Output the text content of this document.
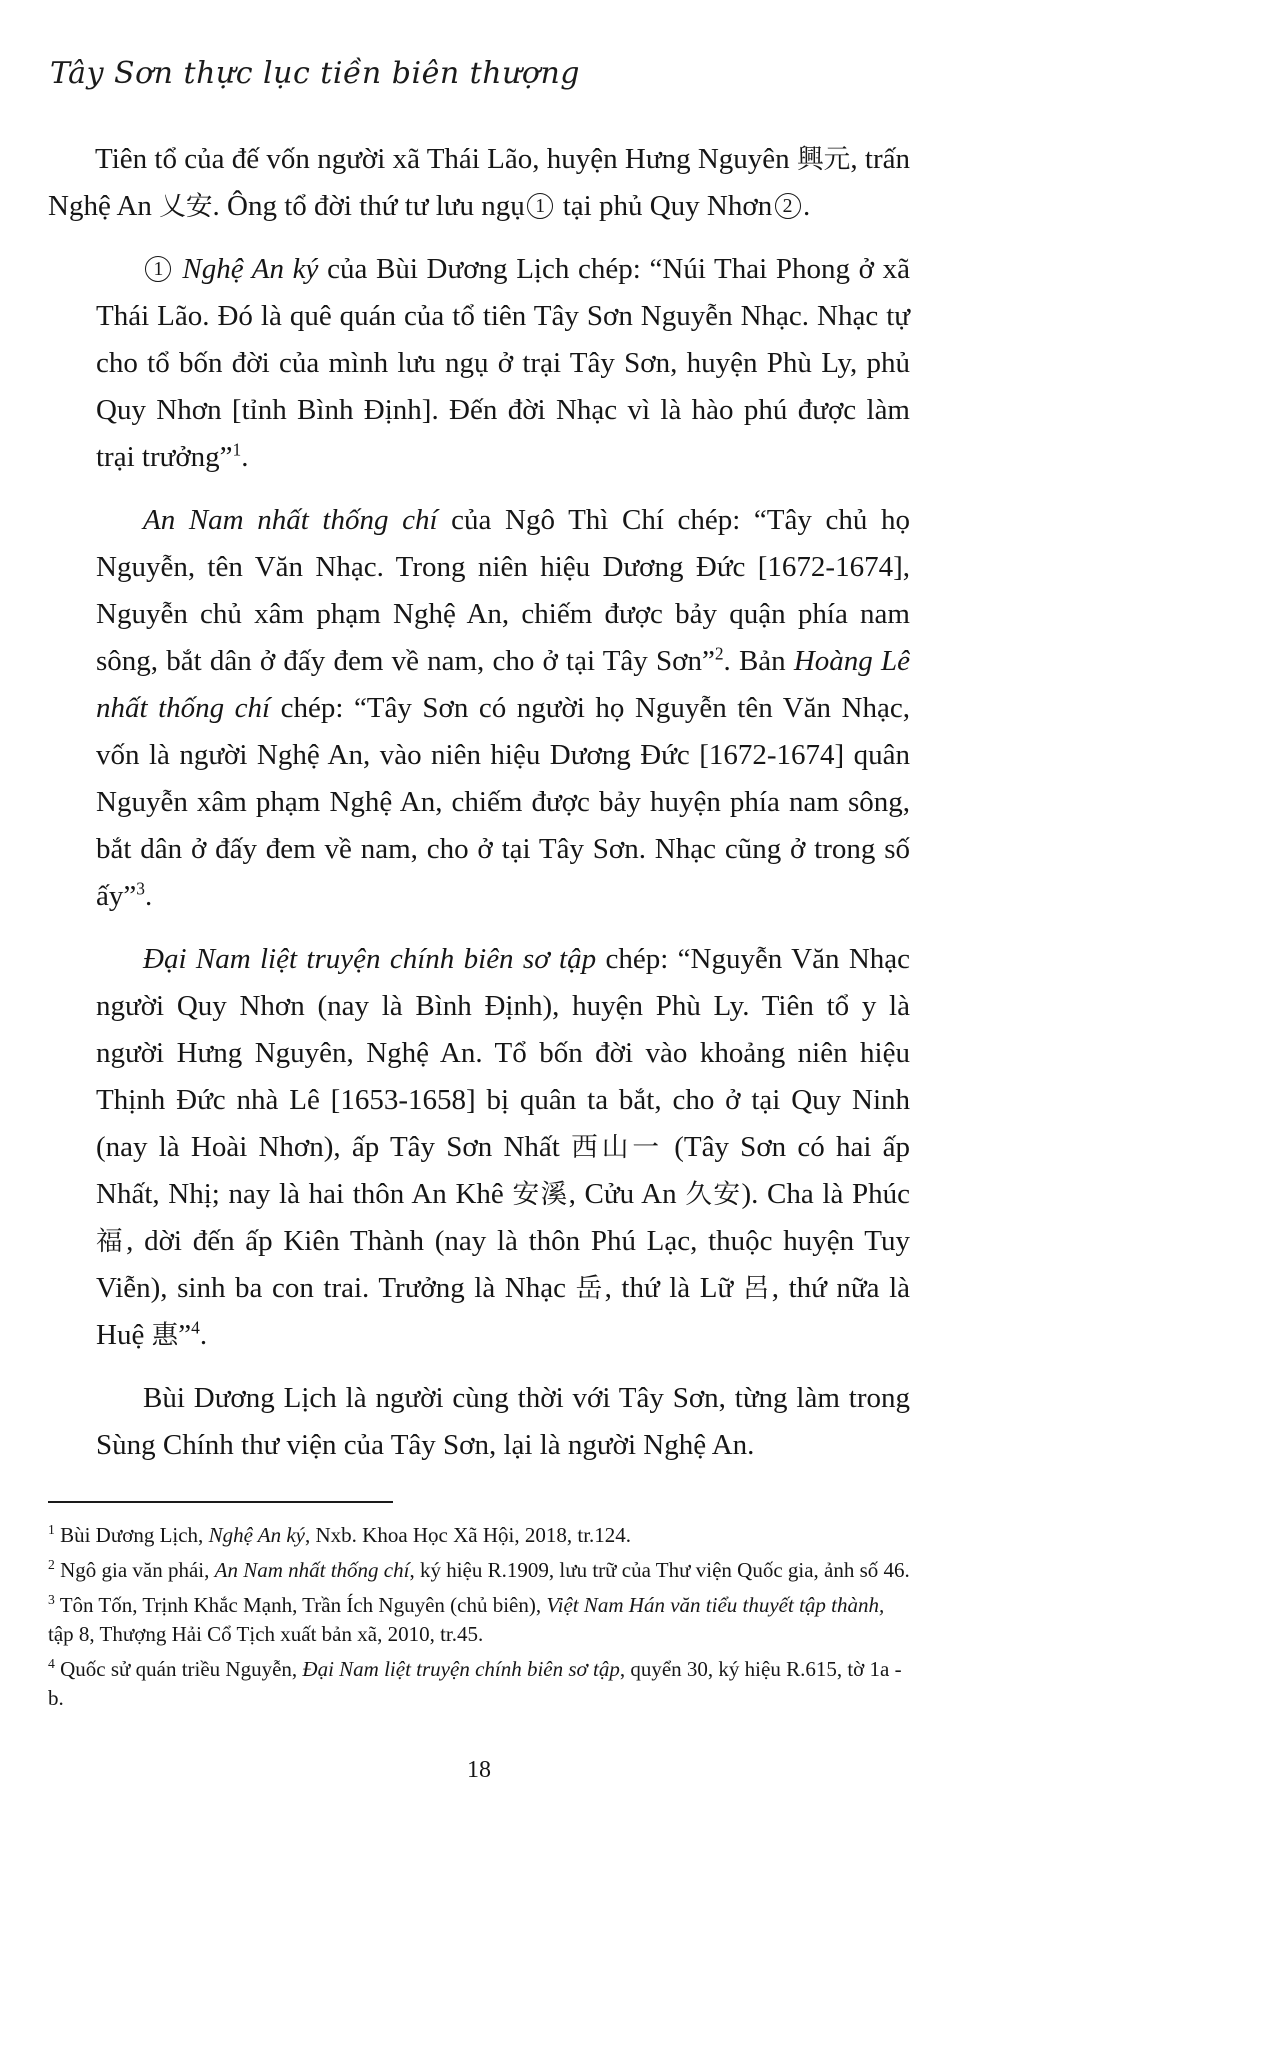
Tây Sơn thực lục tiền biên thượng

Tiên tổ của đế vốn người xã Thái Lão, huyện Hưng Nguyên 興元, trấn Nghệ An 乂安. Ông tổ đời thứ tư lưu ngụ 1 tại phủ Quy Nhơn 2 .

1 Nghệ An ký của Bùi Dương Lịch chép: “Núi Thai Phong ở xã Thái Lão. Đó là quê quán của tổ tiên Tây Sơn Nguyễn Nhạc. Nhạc tự cho tổ bốn đời của mình lưu ngụ ở trại Tây Sơn, huyện Phù Ly, phủ Quy Nhơn [tỉnh Bình Định]. Đến đời Nhạc vì là hào phú được làm trại trưởng”$^1$.

An Nam nhất thống chí của Ngô Thì Chí chép: “Tây chủ họ Nguyễn, tên Văn Nhạc. Trong niên hiệu Dương Đức [1672-1674], Nguyễn chủ xâm phạm Nghệ An, chiếm được bảy quận phía nam sông, bắt dân ở đấy đem về nam, cho ở tại Tây Sơn”$^2$. Bản Hoàng Lê nhất thống chí chép: “Tây Sơn có người họ Nguyễn tên Văn Nhạc, vốn là người Nghệ An, vào niên hiệu Dương Đức [1672-1674] quân Nguyễn xâm phạm Nghệ An, chiếm được bảy huyện phía nam sông, bắt dân ở đấy đem về nam, cho ở tại Tây Sơn. Nhạc cũng ở trong số ấy”$^3$.

Đại Nam liệt truyện chính biên sơ tập chép: “Nguyễn Văn Nhạc người Quy Nhơn (nay là Bình Định), huyện Phù Ly. Tiên tổ y là người Hưng Nguyên, Nghệ An. Tổ bốn đời vào khoảng niên hiệu Thịnh Đức nhà Lê [1653-1658] bị quân ta bắt, cho ở tại Quy Ninh (nay là Hoài Nhơn), ấp Tây Sơn Nhất 西山一 (Tây Sơn có hai ấp Nhất, Nhị; nay là hai thôn An Khê 安溪, Cửu An 久安). Cha là Phúc 福, dời đến ấp Kiên Thành (nay là thôn Phú Lạc, thuộc huyện Tuy Viễn), sinh ba con trai. Trưởng là Nhạc 岳, thứ là Lữ 呂, thứ nữa là Huệ 惠”$^4$.

Bùi Dương Lịch là người cùng thời với Tây Sơn, từng làm trong Sùng Chính thư viện của Tây Sơn, lại là người Nghệ An.

$^1$ Bùi Dương Lịch, Nghệ An ký, Nxb. Khoa Học Xã Hội, 2018, tr.124.

$^2$ Ngô gia văn phái, An Nam nhất thống chí, ký hiệu R.1909, lưu trữ của Thư viện Quốc gia, ảnh số 46.

$^3$ Tôn Tốn, Trịnh Khắc Mạnh, Trần Ích Nguyên (chủ biên), Việt Nam Hán văn tiểu thuyết tập thành, tập 8, Thượng Hải Cổ Tịch xuất bản xã, 2010, tr.45.

$^4$ Quốc sử quán triều Nguyễn, Đại Nam liệt truyện chính biên sơ tập, quyển 30, ký hiệu R.615, tờ 1a - b.

18
